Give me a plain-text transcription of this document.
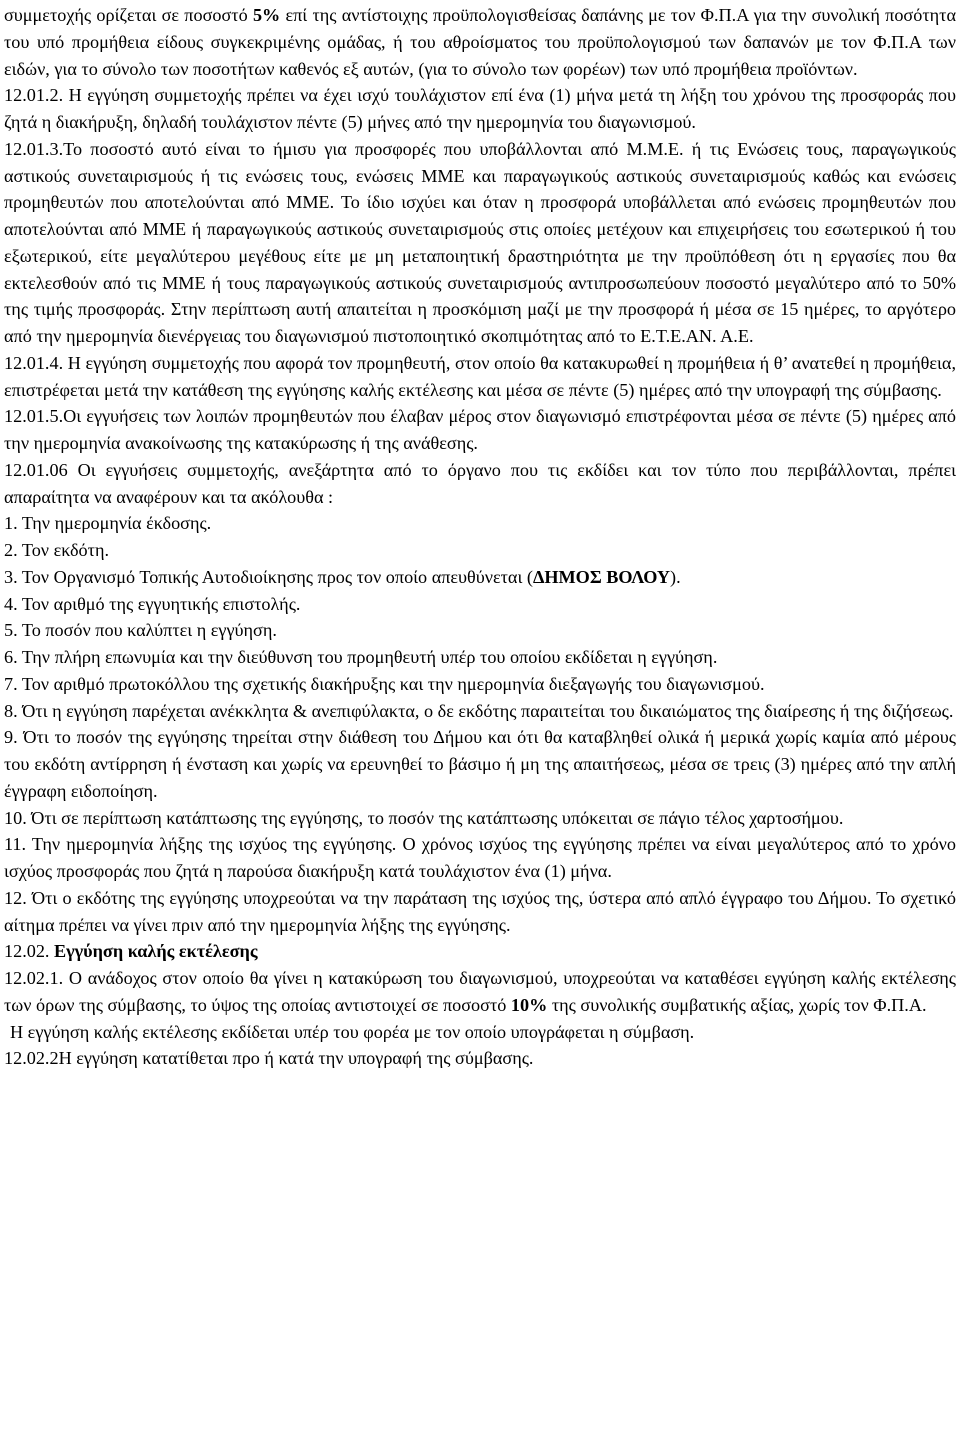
συμμετοχής ορίζεται σε ποσοστό 5% επί της αντίστοιχης προϋπολογισθείσας δαπάνης με τον Φ.Π.Α για την συνολική ποσότητα του υπό προμήθεια είδους συγκεκριμένης ομάδας, ή του αθροίσματος του προϋπολογισμού των δαπανών με τον Φ.Π.Α των ειδών, για το σύνολο των ποσοτήτων καθενός εξ αυτών, (για το σύνολο των φορέων) των υπό προμήθεια προϊόντων.

12.01.2. Η εγγύηση συμμετοχής πρέπει να έχει ισχύ τουλάχιστον επί ένα (1) μήνα μετά τη λήξη του χρόνου της προσφοράς που ζητά η διακήρυξη, δηλαδή τουλάχιστον πέντε (5) μήνες από την ημερομηνία του διαγωνισμού.

12.01.3.Το ποσοστό αυτό είναι το ήμισυ για προσφορές που υποβάλλονται από Μ.Μ.Ε. ή τις Ενώσεις τους, παραγωγικούς αστικούς συνεταιρισμούς ή τις ενώσεις τους, ενώσεις ΜΜΕ και παραγωγικούς αστικούς συνεταιρισμούς καθώς και ενώσεις προμηθευτών που αποτελούνται από ΜΜΕ. Το ίδιο ισχύει και όταν η προσφορά υποβάλλεται από ενώσεις προμηθευτών που αποτελούνται από ΜΜΕ ή παραγωγικούς αστικούς συνεταιρισμούς στις οποίες μετέχουν και επιχειρήσεις του εσωτερικού ή του εξωτερικού, είτε μεγαλύτερου μεγέθους είτε με μη μεταποιητική δραστηριότητα με την προϋπόθεση ότι η εργασίες που θα εκτελεσθούν από τις ΜΜΕ ή τους παραγωγικούς αστικούς συνεταιρισμούς αντιπροσωπεύουν ποσοστό μεγαλύτερο από το 50% της τιμής προσφοράς. Στην περίπτωση αυτή απαιτείται η προσκόμιση μαζί με την προσφορά ή μέσα σε 15 ημέρες, το αργότερο από την ημερομηνία διενέργειας του διαγωνισμού πιστοποιητικό σκοπιμότητας από το Ε.Τ.Ε.ΑΝ. Α.Ε.

12.01.4. Η εγγύηση συμμετοχής που αφορά τον προμηθευτή, στον οποίο θα κατακυρωθεί η προμήθεια ή θ’ ανατεθεί η προμήθεια, επιστρέφεται μετά την κατάθεση της εγγύησης καλής εκτέλεσης και μέσα σε πέντε (5) ημέρες από την υπογραφή της σύμβασης.

12.01.5.Οι εγγυήσεις των λοιπών προμηθευτών που έλαβαν μέρος στον διαγωνισμό επιστρέφονται μέσα σε πέντε (5) ημέρες από την ημερομηνία ανακοίνωσης της κατακύρωσης ή της ανάθεσης.

12.01.06 Οι εγγυήσεις συμμετοχής, ανεξάρτητα από το όργανο που τις εκδίδει και τον τύπο που περιβάλλονται, πρέπει απαραίτητα να αναφέρουν και τα ακόλουθα :

1. Την ημερομηνία έκδοσης.

2. Τον εκδότη.

3. Τον Οργανισμό Τοπικής Αυτοδιοίκησης προς τον οποίο απευθύνεται (ΔΗΜΟΣ ΒΟΛΟΥ).

4. Τον αριθμό της εγγυητικής επιστολής.

5. Το ποσόν που καλύπτει η εγγύηση.

6. Την πλήρη επωνυμία και την διεύθυνση του προμηθευτή υπέρ του οποίου εκδίδεται η εγγύηση.

7. Τον αριθμό πρωτοκόλλου της σχετικής διακήρυξης και την ημερομηνία διεξαγωγής του διαγωνισμού.

8. Ότι η εγγύηση παρέχεται ανέκκλητα & ανεπιφύλακτα, ο δε εκδότης παραιτείται του δικαιώματος της διαίρεσης ή της διζήσεως.

9. Ότι το ποσόν της εγγύησης τηρείται στην διάθεση του Δήμου και ότι θα καταβληθεί ολικά ή μερικά χωρίς καμία από μέρους του εκδότη αντίρρηση ή ένσταση και χωρίς να ερευνηθεί το βάσιμο ή μη της απαιτήσεως, μέσα σε τρεις (3) ημέρες από την απλή έγγραφη ειδοποίηση.

10. Ότι σε περίπτωση κατάπτωσης της εγγύησης, το ποσόν της κατάπτωσης υπόκειται σε πάγιο τέλος χαρτοσήμου.

11. Την ημερομηνία λήξης της ισχύος της εγγύησης. Ο χρόνος ισχύος της εγγύησης πρέπει να είναι μεγαλύτερος από το χρόνο ισχύος προσφοράς που ζητά η παρούσα διακήρυξη κατά τουλάχιστον ένα (1) μήνα.

12. Ότι ο εκδότης της εγγύησης υποχρεούται να την παράταση της ισχύος της, ύστερα από απλό έγγραφο του Δήμου. Το σχετικό αίτημα πρέπει να γίνει πριν από την ημερομηνία λήξης της εγγύησης.

12.02. Εγγύηση καλής εκτέλεσης

12.02.1. Ο ανάδοχος στον οποίο θα γίνει η κατακύρωση του διαγωνισμού, υποχρεούται να καταθέσει εγγύηση καλής εκτέλεσης των όρων της σύμβασης, το ύψος της οποίας αντιστοιχεί σε ποσοστό 10% της συνολικής συμβατικής αξίας, χωρίς τον Φ.Π.Α.

Η εγγύηση καλής εκτέλεσης εκδίδεται υπέρ του φορέα με τον οποίο υπογράφεται η σύμβαση.

12.02.2Η εγγύηση κατατίθεται προ ή κατά την υπογραφή της σύμβασης.
